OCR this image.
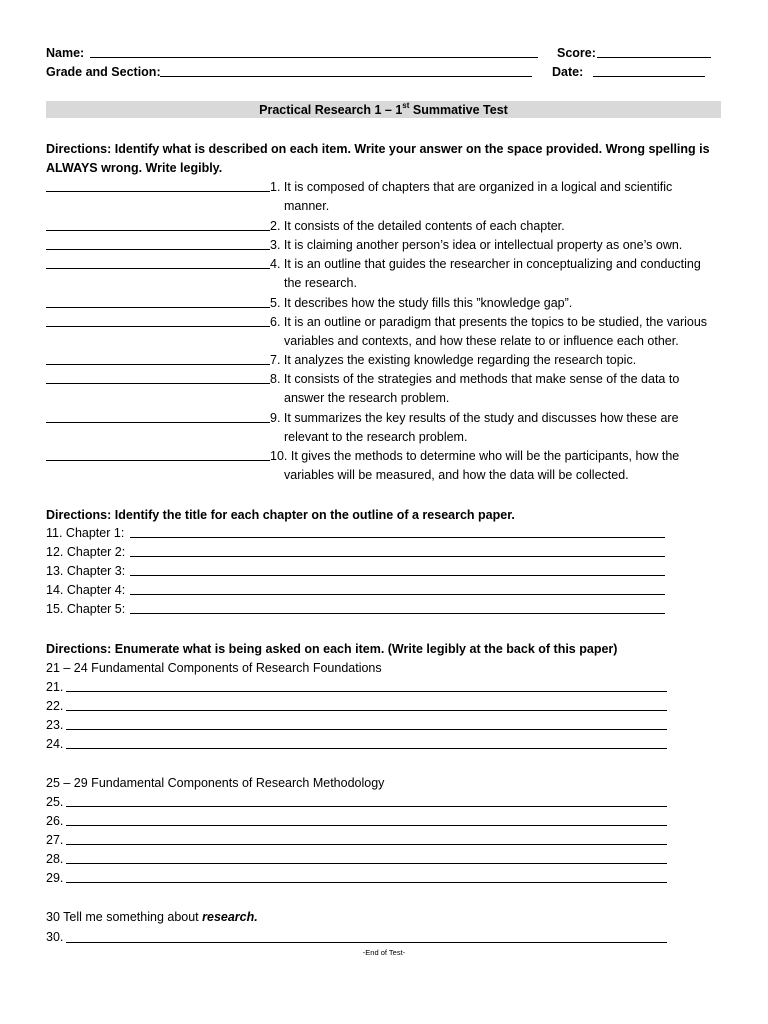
Name:	Score:
Grade and Section:	Date:
Practical Research 1 – 1st Summative Test
Directions: Identify what is described on each item. Write your answer on the space provided. Wrong spelling is
ALWAYS wrong. Write legibly.
1. It is composed of chapters that are organized in a logical and scientific
manner.
2. It consists of the detailed contents of each chapter.
3. It is claiming another person’s idea or intellectual property as one’s own.
4. It is an outline that guides the researcher in conceptualizing and conducting
the research.
5. It describes how the study fills this ”knowledge gap”.
6. It is an outline or paradigm that presents the topics to be studied, the various
variables and contexts, and how these relate to or influence each other.
7. It analyzes the existing knowledge regarding the research topic.
8. It consists of the strategies and methods that make sense of the data to
answer the research problem.
9. It summarizes the key results of the study and discusses how these are
relevant to the research problem.
10. It gives the methods to determine who will be the participants, how the
variables will be measured, and how the data will be collected.
Directions: Identify the title for each chapter on the outline of a research paper.
11. Chapter 1:
12. Chapter 2:
13. Chapter 3:
14. Chapter 4:
15. Chapter 5:
Directions: Enumerate what is being asked on each item. (Write legibly at the back of this paper)
21 – 24 Fundamental Components of Research Foundations
21.
22.
23.
24.
25 – 29 Fundamental Components of Research Methodology
25.
26.
27.
28.
29.
30 Tell me something about research.
30.
-End of Test-
